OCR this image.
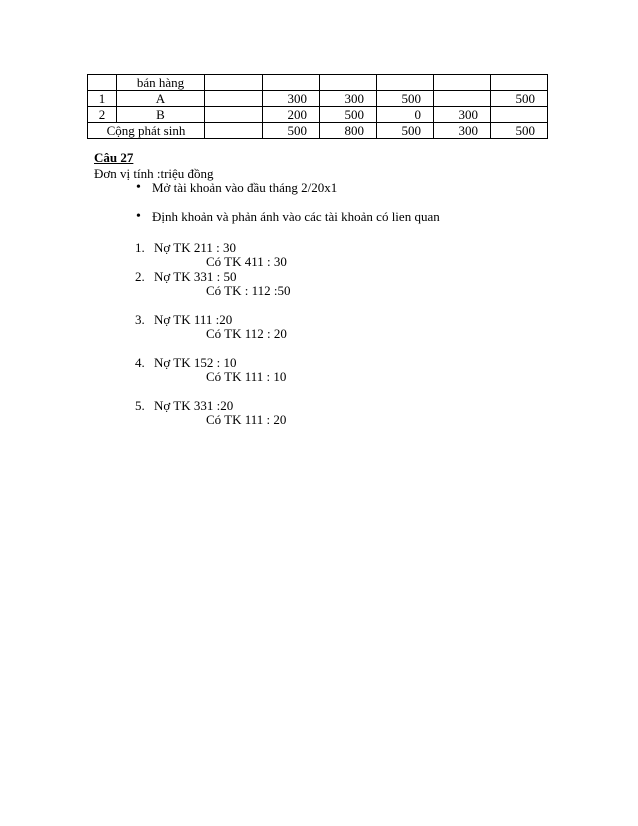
	bán hàng						
1	A		300	300	500		500
2	B		200	500	0	300	
Cộng phát sinh			500	800	500	300	500
Câu 27
Đơn vị tính :triệu đồng
• Mở tài khoản vào đầu tháng 2/20x1
• Định khoản và phản ánh vào các tài khoản có lien quan
1. Nợ TK 211 : 30
Có TK 411 : 30
2. Nợ TK 331 : 50
Có TK : 112 :50
3. Nợ TK 111 :20
Có TK 112 : 20
4. Nợ TK 152 : 10
Có TK 111 : 10
5. Nợ TK 331 :20
Có TK 111 : 20
